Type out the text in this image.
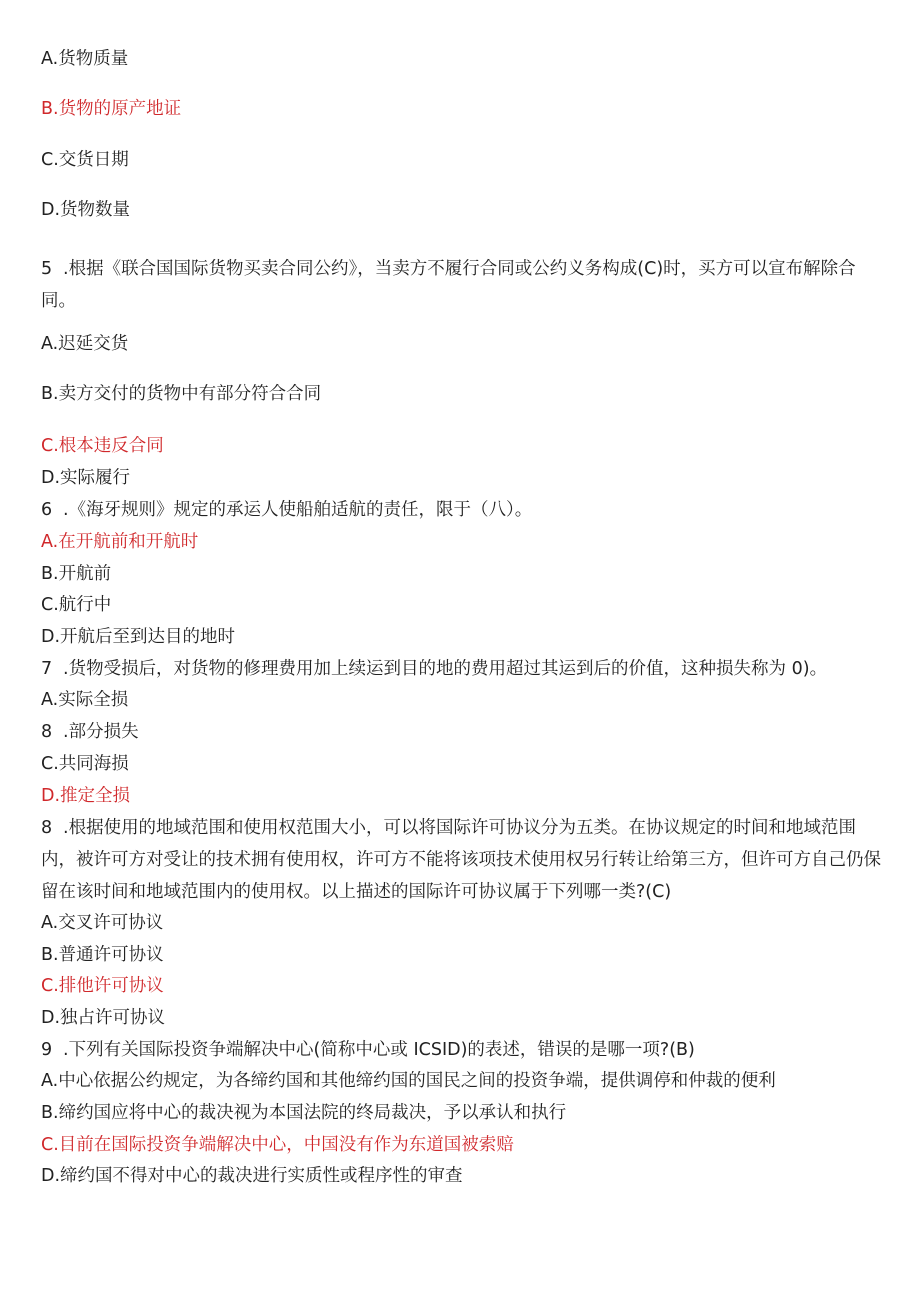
A.货物质量
B.货物的原产地证
C.交货日期
D.货物数量
5 .根据《联合国国际货物买卖合同公约》，当卖方不履行合同或公约义务构成(C)时，买方可以宣布解除合同。
A.迟延交货
B.卖方交付的货物中有部分符合合同
C.根本违反合同
D.实际履行
6 .《海牙规则》规定的承运人使船舶适航的责任，限于（八）。
A.在开航前和开航时
B.开航前
C.航行中
D.开航后至到达目的地时
7 .货物受损后，对货物的修理费用加上续运到目的地的费用超过其运到后的价值，这种损失称为 0)。
A.实际全损
8 .部分损失
C.共同海损
D.推定全损
8 .根据使用的地域范围和使用权范围大小，可以将国际许可协议分为五类。在协议规定的时间和地域范围内，被许可方对受让的技术拥有使用权，许可方不能将该项技术使用权另行转让给第三方，但许可方自己仍保留在该时间和地域范围内的使用权。以上描述的国际许可协议属于下列哪一类?(C)
A.交叉许可协议
B.普通许可协议
C.排他许可协议
D.独占许可协议
9 .下列有关国际投资争端解决中心(简称中心或 ICSID)的表述，错误的是哪一项?(B)
A.中心依据公约规定，为各缔约国和其他缔约国的国民之间的投资争端，提供调停和仲裁的便利
B.缔约国应将中心的裁决视为本国法院的终局裁决，予以承认和执行
C.目前在国际投资争端解决中心，中国没有作为东道国被索赔
D.缔约国不得对中心的裁决进行实质性或程序性的审查
